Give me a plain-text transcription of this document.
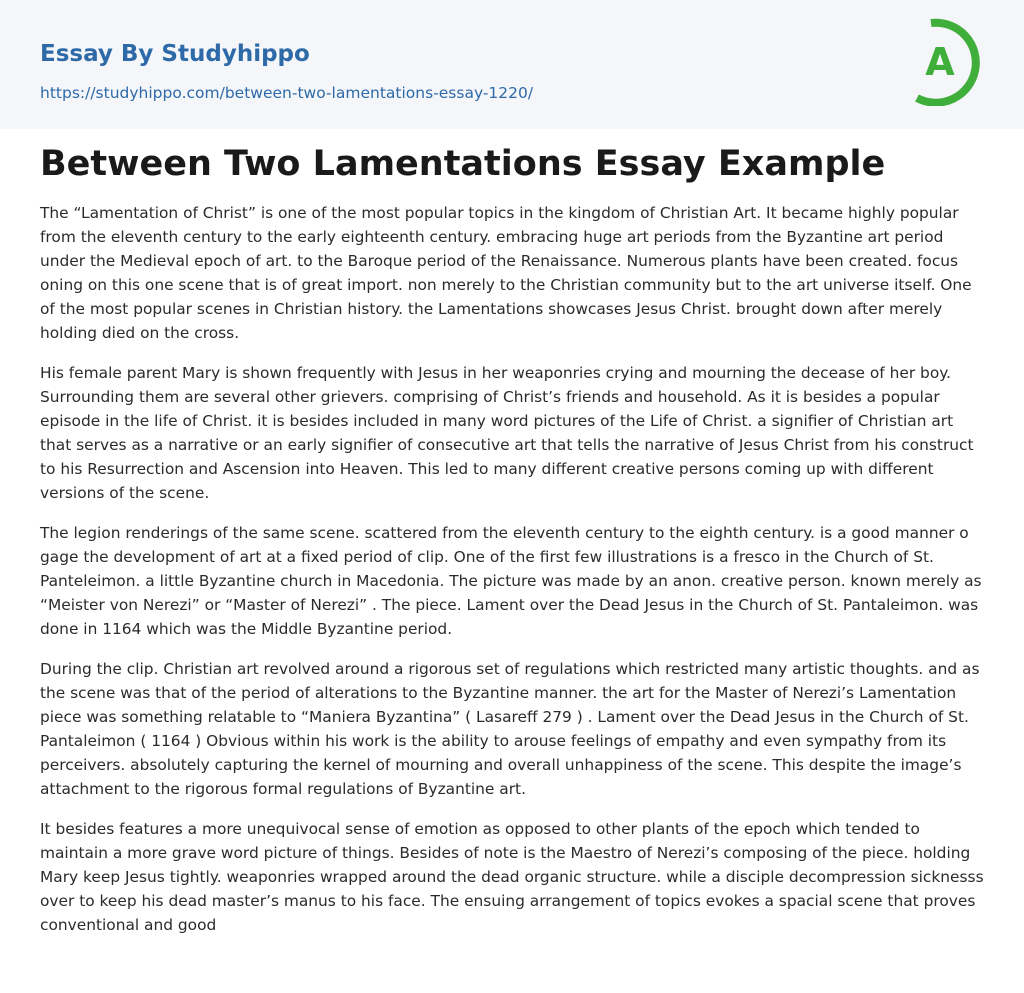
Essay By Studyhippo
https://studyhippo.com/between-two-lamentations-essay-1220/
A
Between Two Lamentations Essay Example

The “Lamentation of Christ” is one of the most popular topics in the kingdom of Christian Art. It became highly popular from the eleventh century to the early eighteenth century. embracing huge art periods from the Byzantine art period under the Medieval epoch of art. to the Baroque period of the Renaissance. Numerous plants have been created. focus oning on this one scene that is of great import. non merely to the Christian community but to the art universe itself. One of the most popular scenes in Christian history. the Lamentations showcases Jesus Christ. brought down after merely holding died on the cross.

His female parent Mary is shown frequently with Jesus in her weaponries crying and mourning the decease of her boy. Surrounding them are several other grievers. comprising of Christ’s friends and household. As it is besides a popular episode in the life of Christ. it is besides included in many word pictures of the Life of Christ. a signifier of Christian art that serves as a narrative or an early signifier of consecutive art that tells the narrative of Jesus Christ from his construct to his Resurrection and Ascension into Heaven. This led to many different creative persons coming up with different versions of the scene.

The legion renderings of the same scene. scattered from the eleventh century to the eighth century. is a good manner o gage the development of art at a fixed period of clip. One of the first few illustrations is a fresco in the Church of St. Panteleimon. a little Byzantine church in Macedonia. The picture was made by an anon. creative person. known merely as “Meister von Nerezi” or “Master of Nerezi” . The piece. Lament over the Dead Jesus in the Church of St. Pantaleimon. was done in 1164 which was the Middle Byzantine period.

During the clip. Christian art revolved around a rigorous set of regulations which restricted many artistic thoughts. and as the scene was that of the period of alterations to the Byzantine manner. the art for the Master of Nerezi’s Lamentation piece was something relatable to “Maniera Byzantina” ( Lasareff 279 ) . Lament over the Dead Jesus in the Church of St. Pantaleimon ( 1164 ) Obvious within his work is the ability to arouse feelings of empathy and even sympathy from its perceivers. absolutely capturing the kernel of mourning and overall unhappiness of the scene. This despite the image’s attachment to the rigorous formal regulations of Byzantine art.

It besides features a more unequivocal sense of emotion as opposed to other plants of the epoch which tended to maintain a more grave word picture of things. Besides of note is the Maestro of Nerezi’s composing of the piece. holding Mary keep Jesus tightly. weaponries wrapped around the dead organic structure. while a disciple decompression sicknesss over to keep his dead master’s manus to his face. The ensuing arrangement of topics evokes a spacial scene that proves conventional and good
